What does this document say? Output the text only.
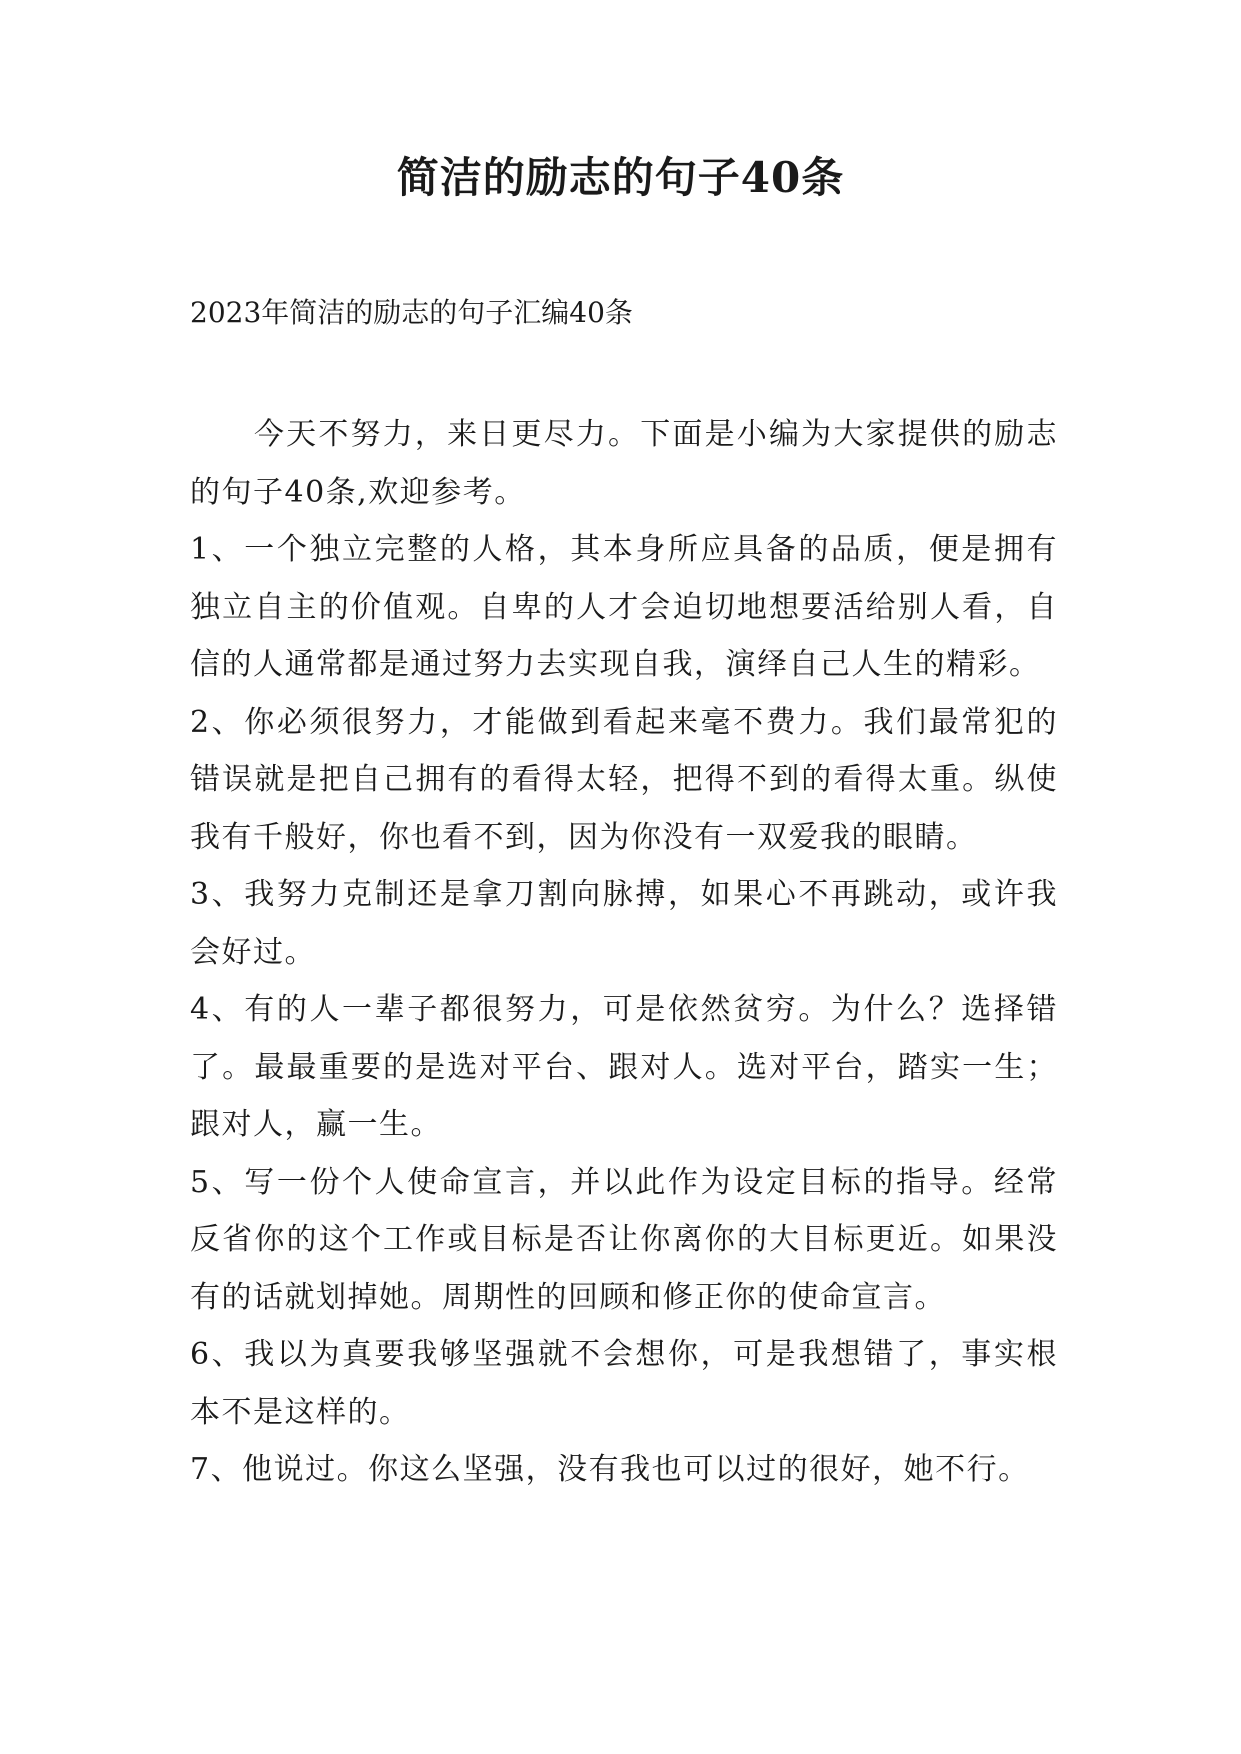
简洁的励志的句子40条
2023年简洁的励志的句子汇编40条

今天不努力，来日更尽力。下面是小编为大家提供的励志的句子40条,欢迎参考。

1、一个独立完整的人格，其本身所应具备的品质，便是拥有独立自主的价值观。自卑的人才会迫切地想要活给别人看，自信的人通常都是通过努力去实现自我，演绎自己人生的精彩。

2、你必须很努力，才能做到看起来毫不费力。我们最常犯的错误就是把自己拥有的看得太轻，把得不到的看得太重。纵使我有千般好，你也看不到，因为你没有一双爱我的眼睛。

3、我努力克制还是拿刀割向脉搏，如果心不再跳动，或许我会好过。

4、有的人一辈子都很努力，可是依然贫穷。为什么？选择错了。最最重要的是选对平台、跟对人。选对平台，踏实一生；跟对人，赢一生。

5、写一份个人使命宣言，并以此作为设定目标的指导。经常反省你的这个工作或目标是否让你离你的大目标更近。如果没有的话就划掉她。周期性的回顾和修正你的使命宣言。

6、我以为真要我够坚强就不会想你，可是我想错了，事实根本不是这样的。

7、他说过。你这么坚强，没有我也可以过的很好，她不行。
